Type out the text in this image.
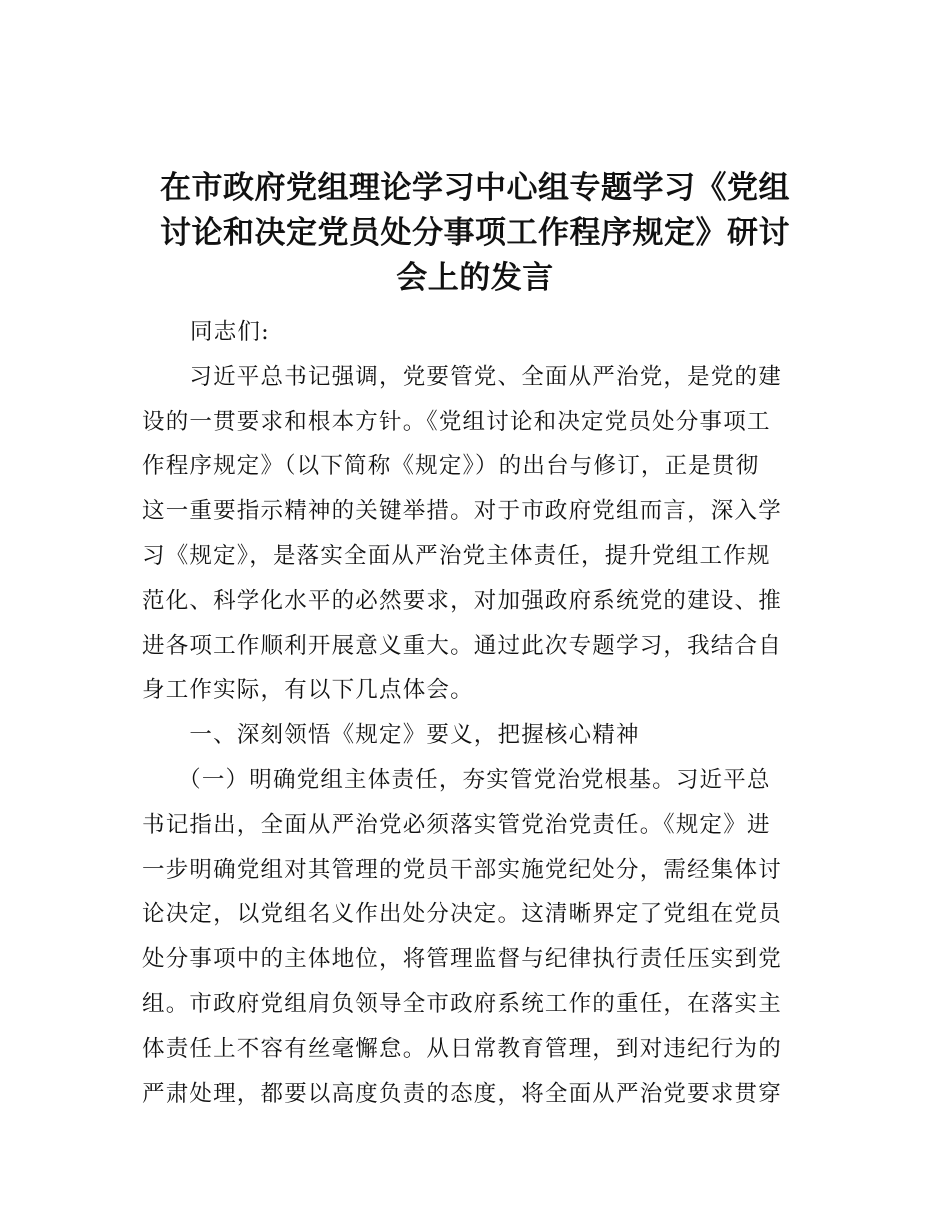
在市政府党组理论学习中心组专题学习《党组
讨论和决定党员处分事项工作程序规定》研讨
会上的发言

同志们:

　　习近平总书记强调，党要管党、全面从严治党，是党的建
设的一贯要求和根本方针。《党组讨论和决定党员处分事项工
作程序规定》（以下简称《规定》）的出台与修订，正是贯彻
这一重要指示精神的关键举措。对于市政府党组而言，深入学
习《规定》，是落实全面从严治党主体责任，提升党组工作规
范化、科学化水平的必然要求，对加强政府系统党的建设、推
进各项工作顺利开展意义重大。通过此次专题学习，我结合自
身工作实际，有以下几点体会。

　　一、深刻领悟《规定》要义，把握核心精神

　　（一）明确党组主体责任，夯实管党治党根基。习近平总
书记指出，全面从严治党必须落实管党治党责任。《规定》进
一步明确党组对其管理的党员干部实施党纪处分，需经集体讨
论决定，以党组名义作出处分决定。这清晰界定了党组在党员
处分事项中的主体地位，将管理监督与纪律执行责任压实到党
组。市政府党组肩负领导全市政府系统工作的重任，在落实主
体责任上不容有丝毫懈怠。从日常教育管理，到对违纪行为的
严肃处理，都要以高度负责的态度，将全面从严治党要求贯穿
